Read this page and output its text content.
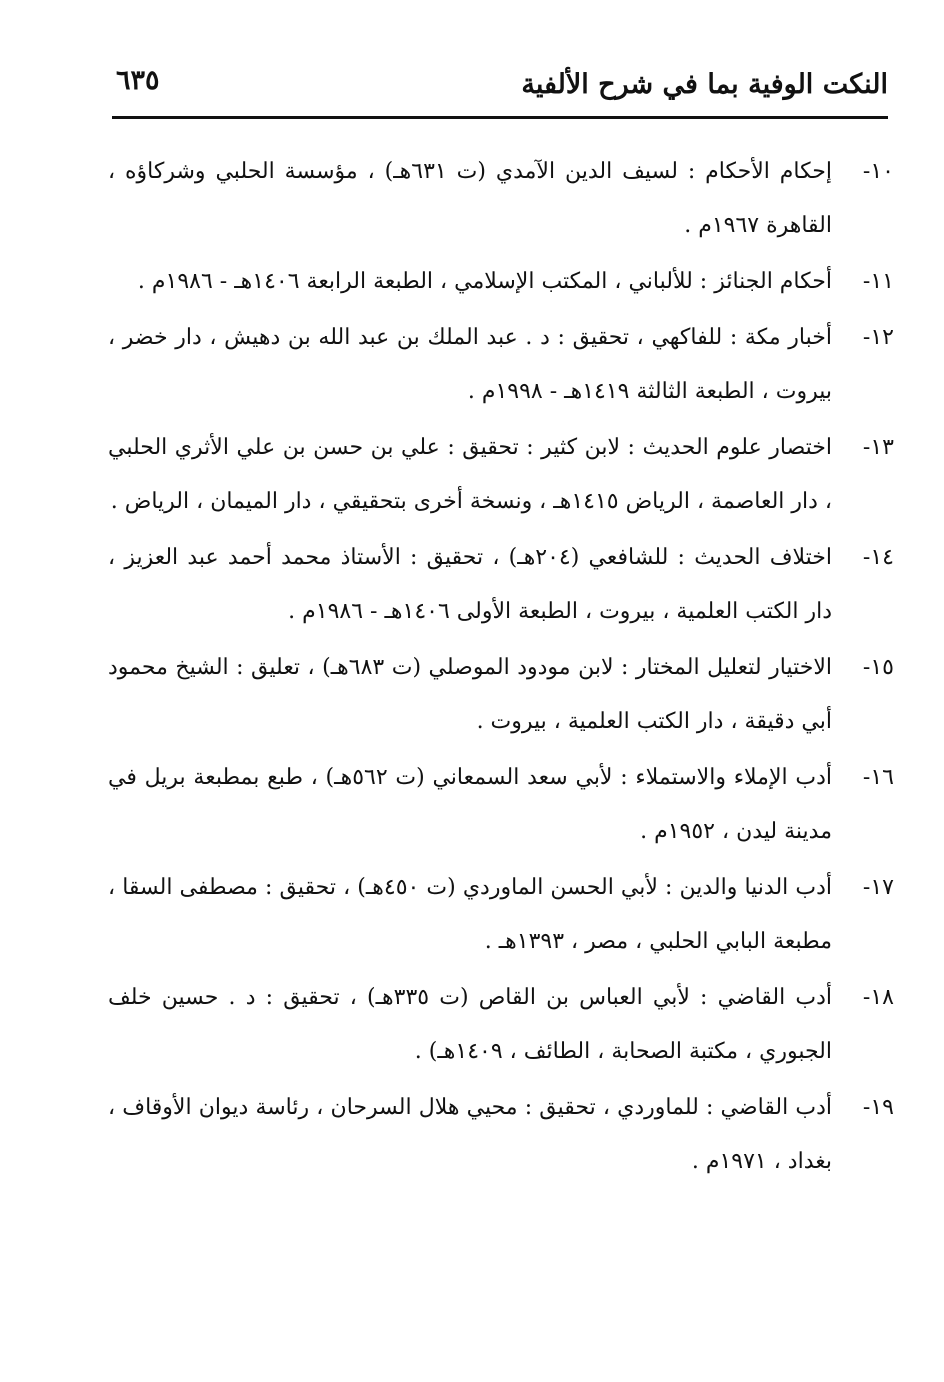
النكت الوفية بما في شرح الألفية
٦٣٥
١٠-
إحكام الأحكام : لسيف الدين الآمدي (ت ٦٣١هـ) ، مؤسسة الحلبي وشركاؤه ، القاهرة ١٩٦٧م .
١١-
أحكام الجنائز : للألباني ، المكتب الإسلامي ، الطبعة الرابعة ١٤٠٦هـ - ١٩٨٦م .
١٢-
أخبار مكة : للفاكهي ، تحقيق : د . عبد الملك بن عبد الله بن دهيش ، دار خضر ، بيروت ، الطبعة الثالثة ١٤١٩هـ - ١٩٩٨م .
١٣-
اختصار علوم الحديث : لابن كثير : تحقيق : علي بن حسن بن علي الأثري الحلبي ، دار العاصمة ، الرياض ١٤١٥هـ ، ونسخة أخرى بتحقيقي ، دار الميمان ، الرياض .
١٤-
اختلاف الحديث : للشافعي (٢٠٤هـ) ، تحقيق : الأستاذ محمد أحمد عبد العزيز ، دار الكتب العلمية ، بيروت ، الطبعة الأولى ١٤٠٦هـ - ١٩٨٦م .
١٥-
الاختيار لتعليل المختار : لابن مودود الموصلي (ت ٦٨٣هـ) ، تعليق : الشيخ محمود أبي دقيقة ، دار الكتب العلمية ، بيروت .
١٦-
أدب الإملاء والاستملاء : لأبي سعد السمعاني (ت ٥٦٢هـ) ، طبع بمطبعة بريل في مدينة ليدن ، ١٩٥٢م .
١٧-
أدب الدنيا والدين : لأبي الحسن الماوردي (ت ٤٥٠هـ) ، تحقيق : مصطفى السقا ، مطبعة البابي الحلبي ، مصر ، ١٣٩٣هـ .
١٨-
أدب القاضي : لأبي العباس بن القاص (ت ٣٣٥هـ) ، تحقيق : د . حسين خلف الجبوري ، مكتبة الصحابة ، الطائف ، ١٤٠٩هـ) .
١٩-
أدب القاضي : للماوردي ، تحقيق : محيي هلال السرحان ، رئاسة ديوان الأوقاف ، بغداد ، ١٩٧١م .
